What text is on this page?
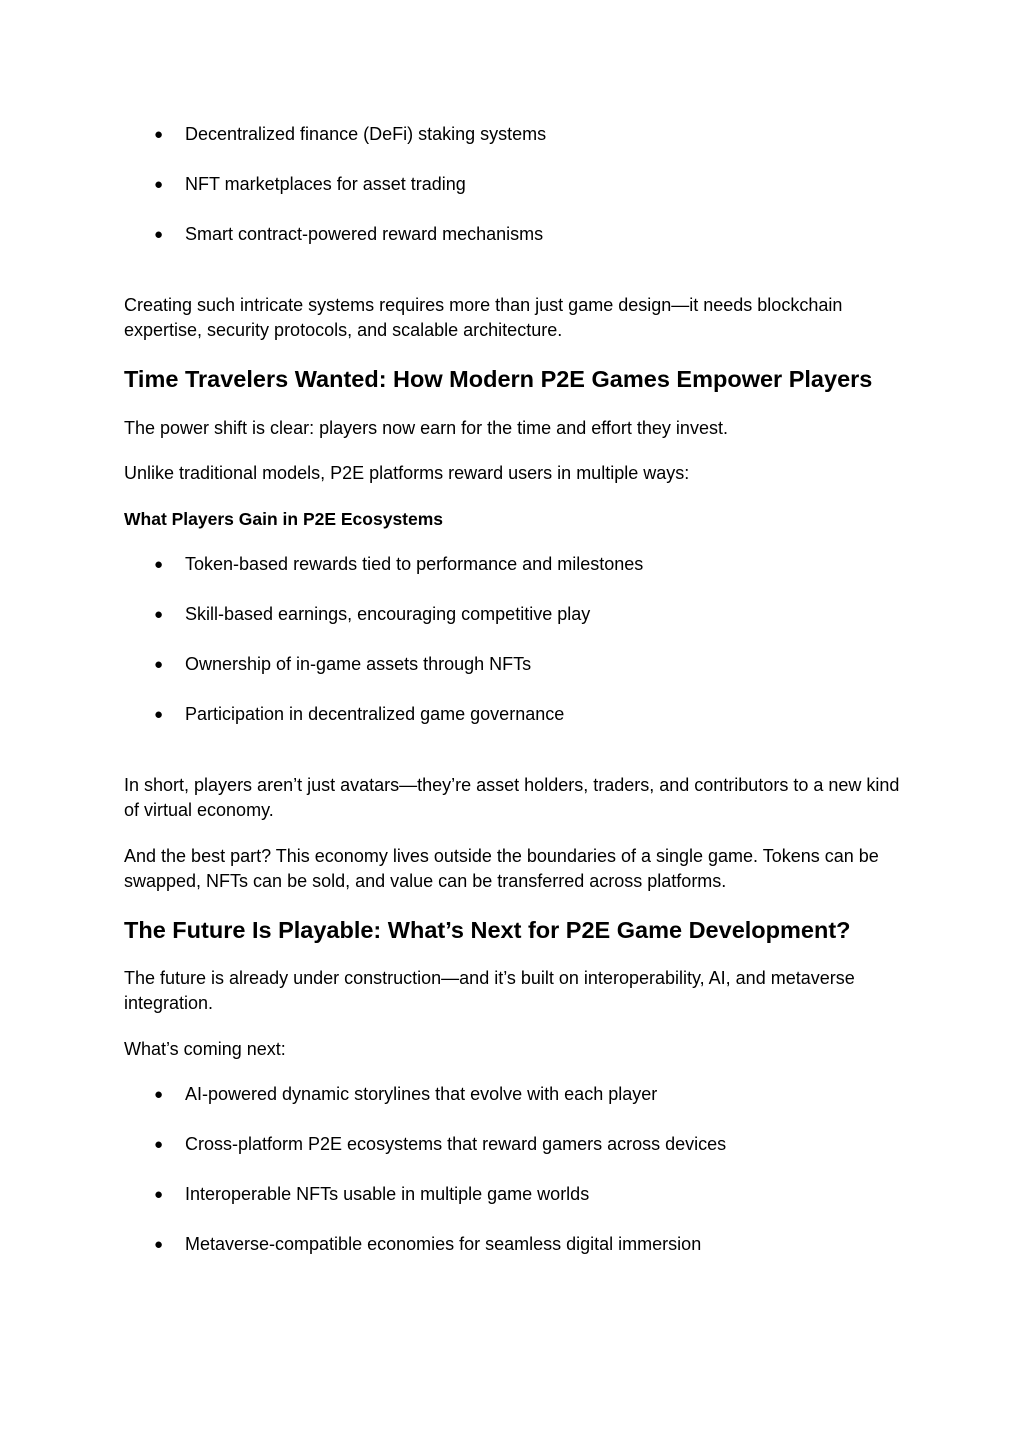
●	Decentralized finance (DeFi) staking systems
●	NFT marketplaces for asset trading
●	Smart contract-powered reward mechanisms

Creating such intricate systems requires more than just game design—it needs blockchain expertise, security protocols, and scalable architecture.

Time Travelers Wanted: How Modern P2E Games Empower Players

The power shift is clear: players now earn for the time and effort they invest.

Unlike traditional models, P2E platforms reward users in multiple ways:

What Players Gain in P2E Ecosystems
●	Token-based rewards tied to performance and milestones
●	Skill-based earnings, encouraging competitive play
●	Ownership of in-game assets through NFTs
●	Participation in decentralized game governance

In short, players aren’t just avatars—they’re asset holders, traders, and contributors to a new kind of virtual economy.

And the best part? This economy lives outside the boundaries of a single game. Tokens can be swapped, NFTs can be sold, and value can be transferred across platforms.

The Future Is Playable: What’s Next for P2E Game Development?

The future is already under construction—and it’s built on interoperability, AI, and metaverse integration.

What’s coming next:

●	AI-powered dynamic storylines that evolve with each player
●	Cross-platform P2E ecosystems that reward gamers across devices
●	Interoperable NFTs usable in multiple game worlds
●	Metaverse-compatible economies for seamless digital immersion
